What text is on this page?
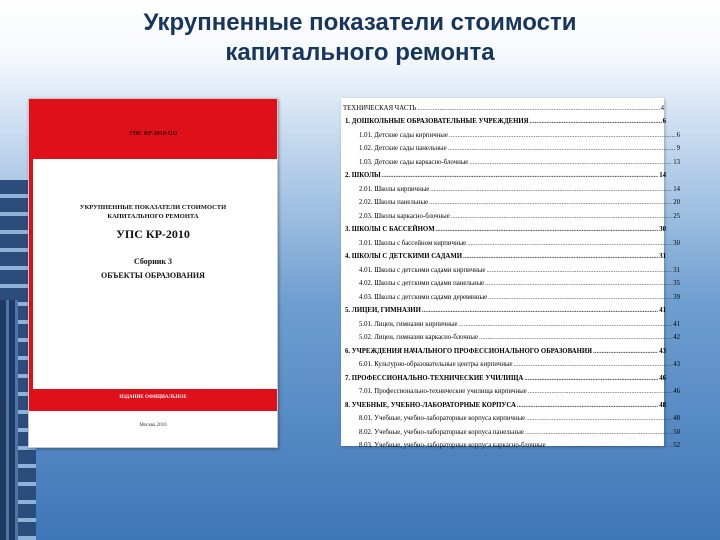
Укрупненные показатели стоимости
капитального ремонта
УПС КР-2010-ОО
УКРУПНЕННЫЕ ПОКАЗАТЕЛИ СТОИМОСТИ
КАПИТАЛЬНОГО РЕМОНТА
УПС КР-2010
Сборник 3
ОБЪЕКТЫ ОБРАЗОВАНИЯ
ИЗДАНИЕ ОФИЦИАЛЬНОЕ
Москва 2010
ТЕХНИЧЕСКАЯ ЧАСТЬ .....	4
1. ДОШКОЛЬНЫЕ ОБРАЗОВАТЕЛЬНЫЕ УЧРЕЖДЕНИЯ .....	6
1.01. Детские сады кирпичные .....	6
1.02. Детские сады панельные .....	9
1.03. Детские сады каркасно-блочные .....	13
2. ШКОЛЫ .....	14
2.01. Школы кирпичные .....	14
2.02. Школы панельные .....	20
2.03. Школы каркасно-блочные .....	25
3. ШКОЛЫ С БАССЕЙНОМ .....	30
3.01. Школы с бассейном кирпичные .....	30
4. ШКОЛЫ С ДЕТСКИМИ САДАМИ .....	31
4.01. Школы с детскими садами кирпичные .....	31
4.02. Школы с детскими садами панельные .....	35
4.03. Школы с детскими садами деревянные .....	39
5. ЛИЦЕИ, ГИМНАЗИИ .....	41
5.01. Лицеи, гимназии кирпичные .....	41
5.02. Лицеи, гимназии каркасно-блочные .....	42
6. УЧРЕЖДЕНИЯ НАЧАЛЬНОГО ПРОФЕССИОНАЛЬНОГО ОБРАЗОВАНИЯ .....	43
6.01. Культурно-образовательные центры кирпичные .....	43
7. ПРОФЕССИОНАЛЬНО-ТЕХНИЧЕСКИЕ УЧИЛИЩА .....	46
7.01. Профессионально-технические училища кирпичные .....	46
8. УЧЕБНЫЕ, УЧЕБНО-ЛАБОРАТОРНЫЕ КОРПУСА .....	48
8.01. Учебные, учебно-лабораторные корпуса кирпичные .....	48
8.02. Учебные, учебно-лабораторные корпуса панельные .....	50
8.03. Учебные, учебно-лабораторные корпуса каркасно-блочные .....	52
